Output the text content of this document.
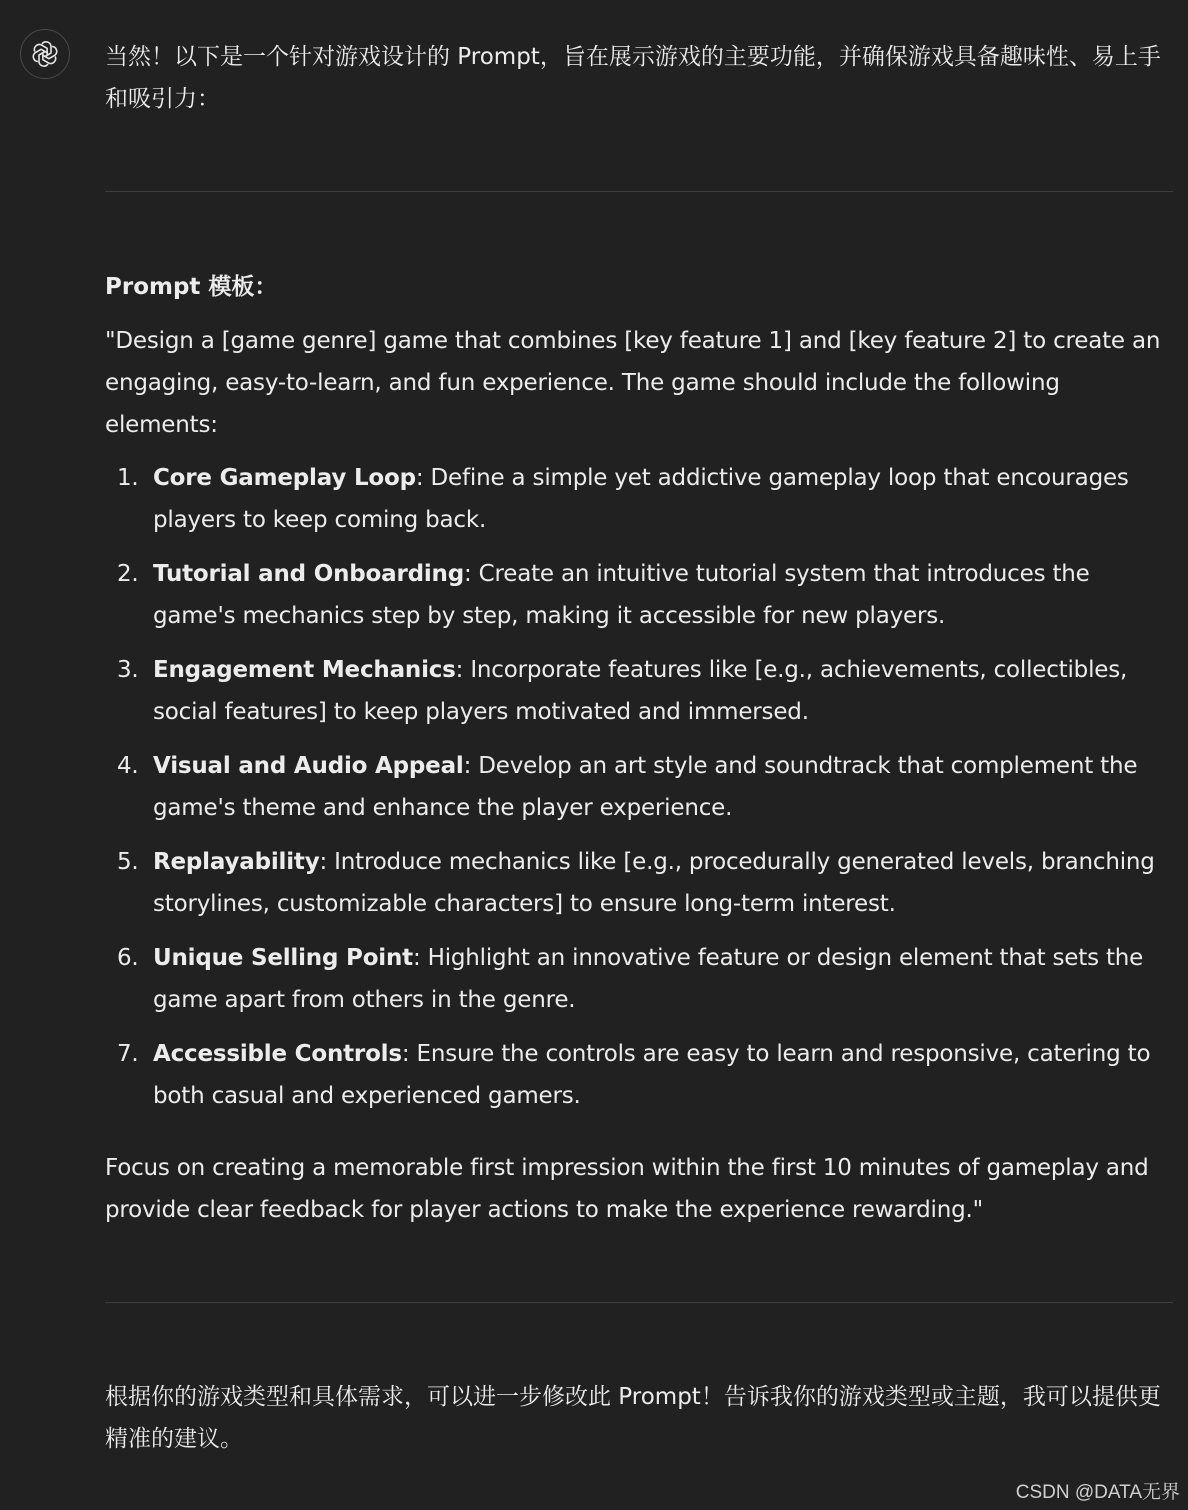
当然！以下是一个针对游戏设计的 Prompt，旨在展示游戏的主要功能，并确保游戏具备趣味性、易上手和吸引力：

Prompt 模板：

"Design a [game genre] game that combines [key feature 1] and [key feature 2] to create an engaging, easy-to-learn, and fun experience. The game should include the following elements:

1. Core Gameplay Loop: Define a simple yet addictive gameplay loop that encourages players to keep coming back.
2. Tutorial and Onboarding: Create an intuitive tutorial system that introduces the game's mechanics step by step, making it accessible for new players.
3. Engagement Mechanics: Incorporate features like [e.g., achievements, collectibles, social features] to keep players motivated and immersed.
4. Visual and Audio Appeal: Develop an art style and soundtrack that complement the game's theme and enhance the player experience.
5. Replayability: Introduce mechanics like [e.g., procedurally generated levels, branching storylines, customizable characters] to ensure long-term interest.
6. Unique Selling Point: Highlight an innovative feature or design element that sets the game apart from others in the genre.
7. Accessible Controls: Ensure the controls are easy to learn and responsive, catering to both casual and experienced gamers.

Focus on creating a memorable first impression within the first 10 minutes of gameplay and provide clear feedback for player actions to make the experience rewarding."

根据你的游戏类型和具体需求，可以进一步修改此 Prompt！告诉我你的游戏类型或主题，我可以提供更精准的建议。

CSDN @DATA无界
